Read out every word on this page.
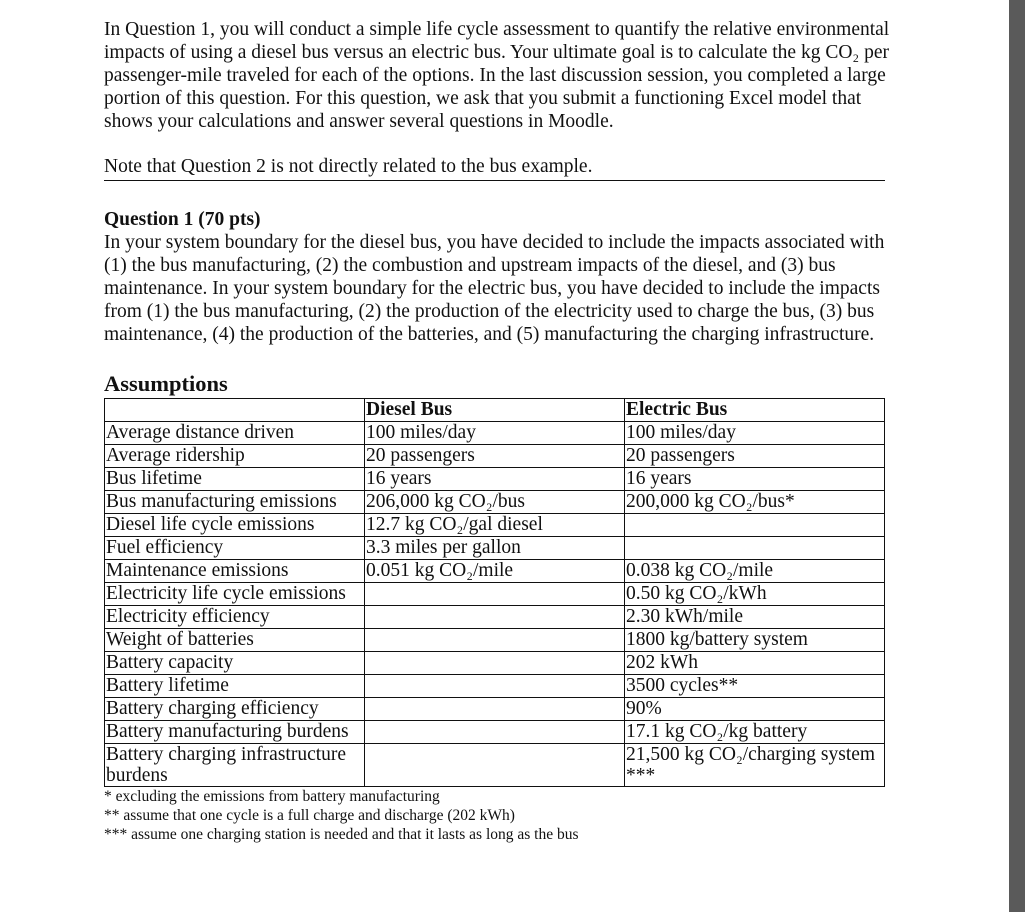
In Question 1, you will conduct a simple life cycle assessment to quantify the relative environmental impacts of using a diesel bus versus an electric bus. Your ultimate goal is to calculate the kg CO₂ per passenger-mile traveled for each of the options. In the last discussion session, you completed a large portion of this question. For this question, we ask that you submit a functioning Excel model that shows your calculations and answer several questions in Moodle.

Note that Question 2 is not directly related to the bus example.

Question 1 (70 pts)

In your system boundary for the diesel bus, you have decided to include the impacts associated with (1) the bus manufacturing, (2) the combustion and upstream impacts of the diesel, and (3) bus maintenance. In your system boundary for the electric bus, you have decided to include the impacts from (1) the bus manufacturing, (2) the production of the electricity used to charge the bus, (3) bus maintenance, (4) the production of the batteries, and (5) manufacturing the charging infrastructure.

Assumptions
	Diesel Bus	Electric Bus
Average distance driven	100 miles/day	100 miles/day
Average ridership	20 passengers	20 passengers
Bus lifetime	16 years	16 years
Bus manufacturing emissions	206,000 kg CO₂/bus	200,000 kg CO₂/bus*
Diesel life cycle emissions	12.7 kg CO₂/gal diesel	
Fuel efficiency	3.3 miles per gallon	
Maintenance emissions	0.051 kg CO₂/mile	0.038 kg CO₂/mile
Electricity life cycle emissions		0.50 kg CO₂/kWh
Electricity efficiency		2.30 kWh/mile
Weight of batteries		1800 kg/battery system
Battery capacity		202 kWh
Battery lifetime		3500 cycles**
Battery charging efficiency		90%
Battery manufacturing burdens		17.1 kg CO₂/kg battery
Battery charging infrastructure burdens		21,500 kg CO₂/charging system ***
* excluding the emissions from battery manufacturing
** assume that one cycle is a full charge and discharge (202 kWh)
*** assume one charging station is needed and that it lasts as long as the bus
